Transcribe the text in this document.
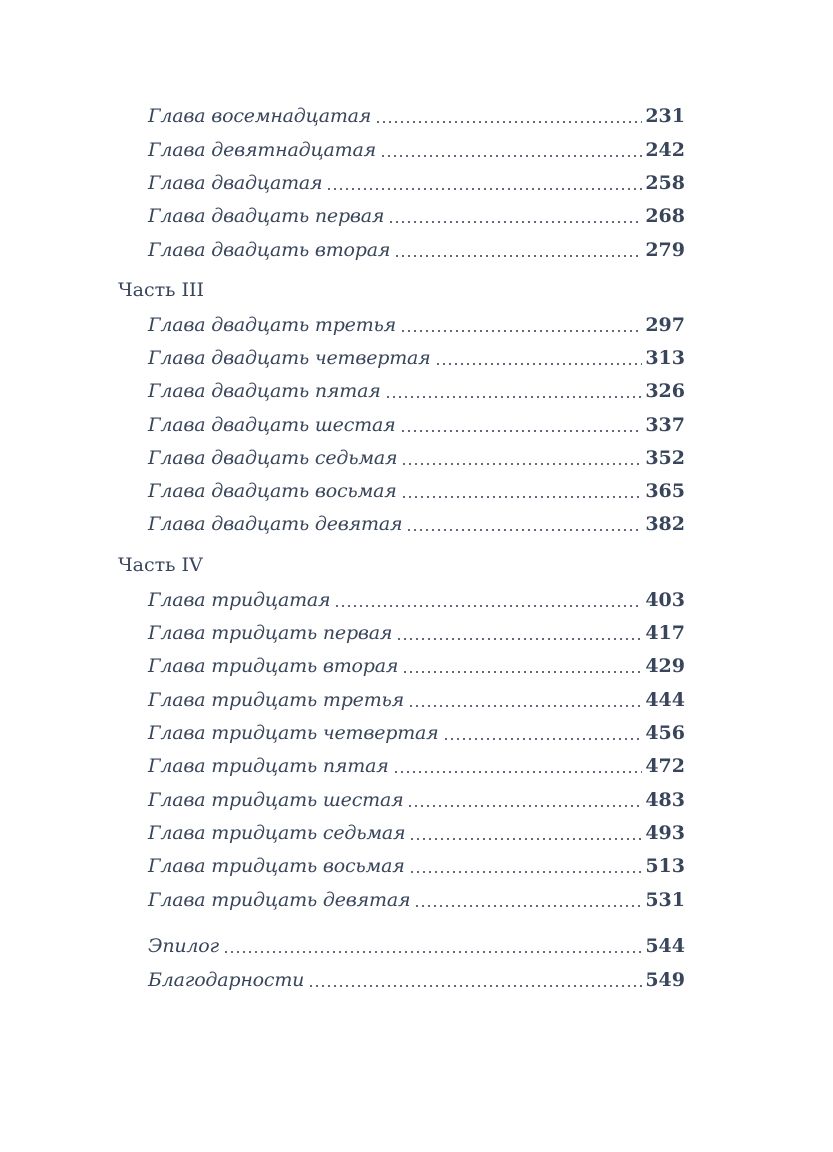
Глава восемнадцатая	231
Глава девятнадцатая	242
Глава двадцатая	258
Глава двадцать первая	268
Глава двадцать вторая	279
Часть III
Глава двадцать третья	297
Глава двадцать четвертая	313
Глава двадцать пятая	326
Глава двадцать шестая	337
Глава двадцать седьмая	352
Глава двадцать восьмая	365
Глава двадцать девятая	382
Часть IV
Глава тридцатая	403
Глава тридцать первая	417
Глава тридцать вторая	429
Глава тридцать третья	444
Глава тридцать четвертая	456
Глава тридцать пятая	472
Глава тридцать шестая	483
Глава тридцать седьмая	493
Глава тридцать восьмая	513
Глава тридцать девятая	531
Эпилог	544
Благодарности	549
